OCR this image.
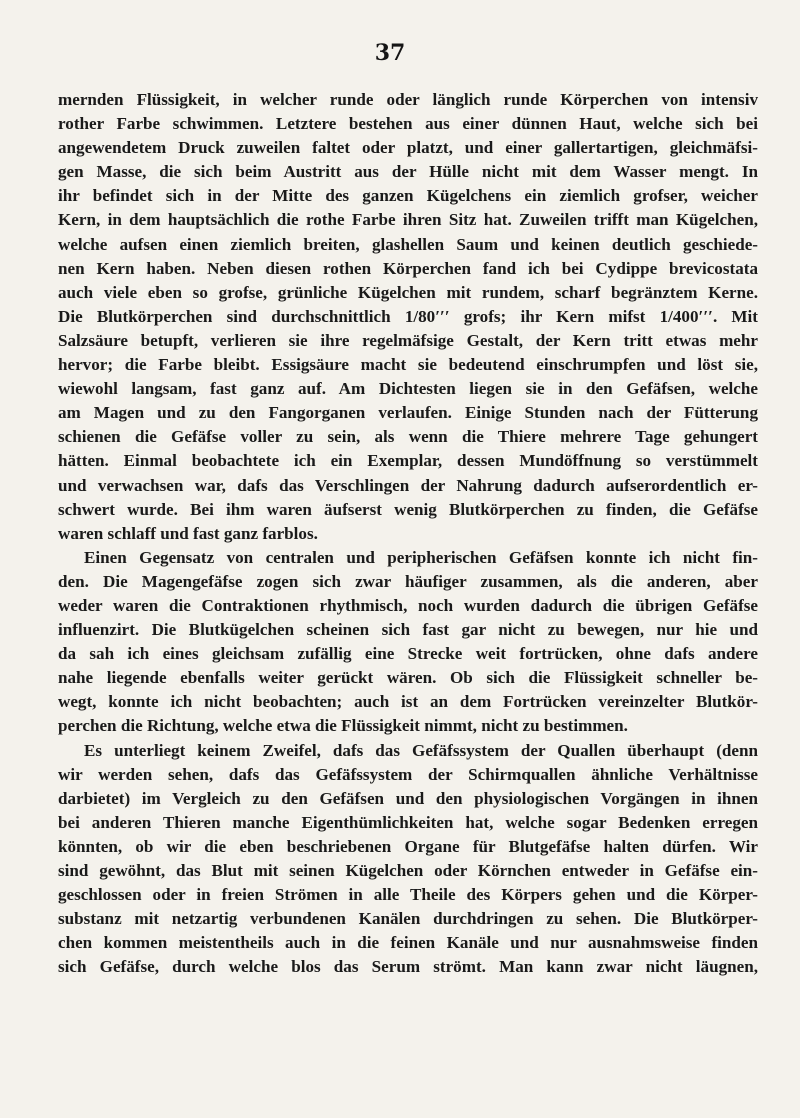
37
mernden Flüssigkeit, in welcher runde oder länglich runde Körperchen von intensiv
rother Farbe schwimmen. Letztere bestehen aus einer dünnen Haut, welche sich bei
angewendetem Druck zuweilen faltet oder platzt, und einer gallertartigen, gleichmäfsi-
gen Masse, die sich beim Austritt aus der Hülle nicht mit dem Wasser mengt. In
ihr befindet sich in der Mitte des ganzen Kügelchens ein ziemlich grofser, weicher
Kern, in dem hauptsächlich die rothe Farbe ihren Sitz hat. Zuweilen trifft man Kügelchen,
welche aufsen einen ziemlich breiten, glashellen Saum und keinen deutlich geschiede-
nen Kern haben. Neben diesen rothen Körperchen fand ich bei Cydippe brevicostata
auch viele eben so grofse, grünliche Kügelchen mit rundem, scharf begränztem Kerne.
Die Blutkörperchen sind durchschnittlich 1/80′′′ grofs; ihr Kern mifst 1/400′′′. Mit
Salzsäure betupft, verlieren sie ihre regelmäfsige Gestalt, der Kern tritt etwas mehr
hervor; die Farbe bleibt. Essigsäure macht sie bedeutend einschrumpfen und löst sie,
wiewohl langsam, fast ganz auf. Am Dichtesten liegen sie in den Gefäfsen, welche
am Magen und zu den Fangorganen verlaufen. Einige Stunden nach der Fütterung
schienen die Gefäfse voller zu sein, als wenn die Thiere mehrere Tage gehungert
hätten. Einmal beobachtete ich ein Exemplar, dessen Mundöffnung so verstümmelt
und verwachsen war, dafs das Verschlingen der Nahrung dadurch aufserordentlich er-
schwert wurde. Bei ihm waren äufserst wenig Blutkörperchen zu finden, die Gefäfse
waren schlaff und fast ganz farblos.
Einen Gegensatz von centralen und peripherischen Gefäfsen konnte ich nicht fin-
den. Die Magengefäfse zogen sich zwar häufiger zusammen, als die anderen, aber
weder waren die Contraktionen rhythmisch, noch wurden dadurch die übrigen Gefäfse
influenzirt. Die Blutkügelchen scheinen sich fast gar nicht zu bewegen, nur hie und
da sah ich eines gleichsam zufällig eine Strecke weit fortrücken, ohne dafs andere
nahe liegende ebenfalls weiter gerückt wären. Ob sich die Flüssigkeit schneller be-
wegt, konnte ich nicht beobachten; auch ist an dem Fortrücken vereinzelter Blutkör-
perchen die Richtung, welche etwa die Flüssigkeit nimmt, nicht zu bestimmen.
Es unterliegt keinem Zweifel, dafs das Gefäfssystem der Quallen überhaupt (denn
wir werden sehen, dafs das Gefäfssystem der Schirmquallen ähnliche Verhältnisse
darbietet) im Vergleich zu den Gefäfsen und den physiologischen Vorgängen in ihnen
bei anderen Thieren manche Eigenthümlichkeiten hat, welche sogar Bedenken erregen
könnten, ob wir die eben beschriebenen Organe für Blutgefäfse halten dürfen. Wir
sind gewöhnt, das Blut mit seinen Kügelchen oder Körnchen entweder in Gefäfse ein-
geschlossen oder in freien Strömen in alle Theile des Körpers gehen und die Körper-
substanz mit netzartig verbundenen Kanälen durchdringen zu sehen. Die Blutkörper-
chen kommen meistentheils auch in die feinen Kanäle und nur ausnahmsweise finden
sich Gefäfse, durch welche blos das Serum strömt. Man kann zwar nicht läugnen,
